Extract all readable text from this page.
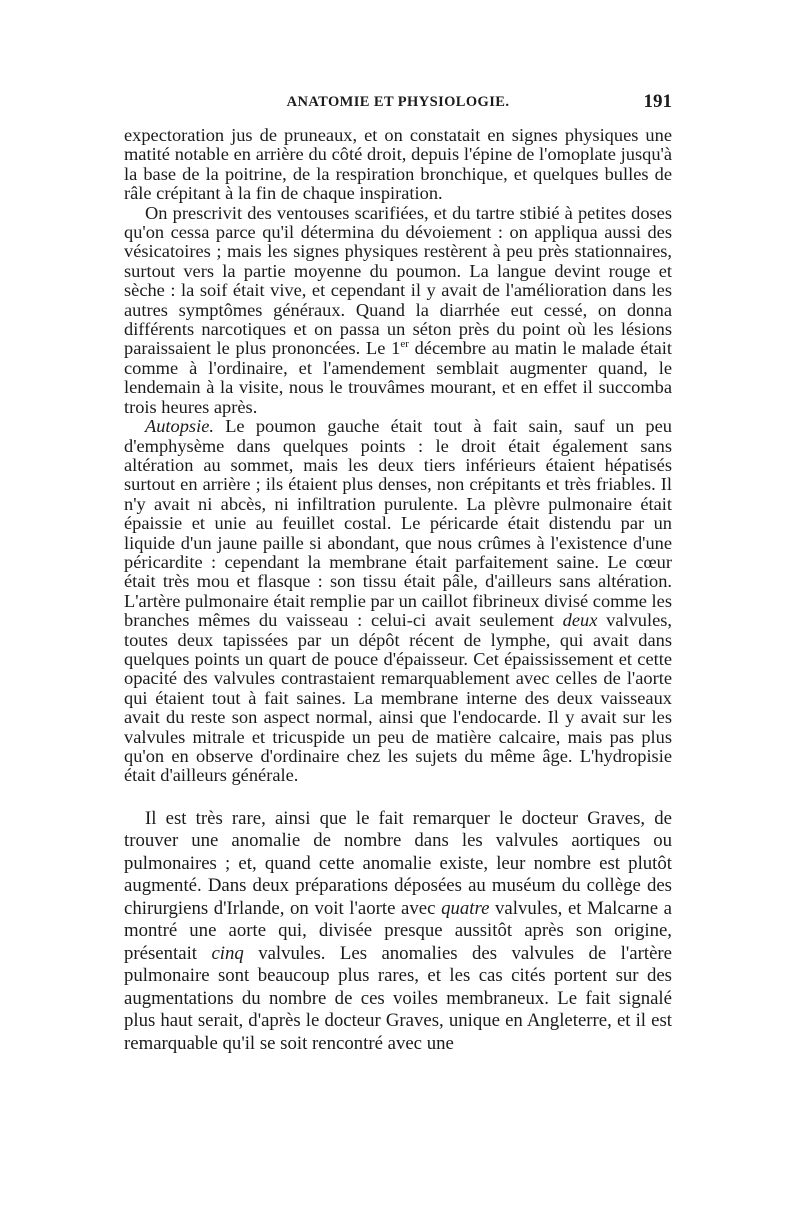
ANATOMIE ET PHYSIOLOGIE.	191

expectoration jus de pruneaux, et on constatait en signes physiques une matité notable en arrière du côté droit, depuis l'épine de l'omoplate jusqu'à la base de la poitrine, de la respiration bronchique, et quelques bulles de râle crépitant à la fin de chaque inspiration.

On prescrivit des ventouses scarifiées, et du tartre stibié à petites doses qu'on cessa parce qu'il détermina du dévoiement : on appliqua aussi des vésicatoires ; mais les signes physiques restèrent à peu près stationnaires, surtout vers la partie moyenne du poumon. La langue devint rouge et sèche : la soif était vive, et cependant il y avait de l'amélioration dans les autres symptômes généraux. Quand la diarrhée eut cessé, on donna différents narcotiques et on passa un séton près du point où les lésions paraissaient le plus prononcées. Le 1er décembre au matin le malade était comme à l'ordinaire, et l'amendement semblait augmenter quand, le lendemain à la visite, nous le trouvâmes mourant, et en effet il succomba trois heures après.

Autopsie. Le poumon gauche était tout à fait sain, sauf un peu d'emphysème dans quelques points : le droit était également sans altération au sommet, mais les deux tiers inférieurs étaient hépatisés surtout en arrière ; ils étaient plus denses, non crépitants et très friables. Il n'y avait ni abcès, ni infiltration purulente. La plèvre pulmonaire était épaissie et unie au feuillet costal. Le péricarde était distendu par un liquide d'un jaune paille si abondant, que nous crûmes à l'existence d'une péricardite : cependant la membrane était parfaitement saine. Le cœur était très mou et flasque : son tissu était pâle, d'ailleurs sans altération. L'artère pulmonaire était remplie par un caillot fibrineux divisé comme les branches mêmes du vaisseau : celui-ci avait seulement deux valvules, toutes deux tapissées par un dépôt récent de lymphe, qui avait dans quelques points un quart de pouce d'épaisseur. Cet épaississement et cette opacité des valvules contrastaient remarquablement avec celles de l'aorte qui étaient tout à fait saines. La membrane interne des deux vaisseaux avait du reste son aspect normal, ainsi que l'endocarde. Il y avait sur les valvules mitrale et tricuspide un peu de matière calcaire, mais pas plus qu'on en observe d'ordinaire chez les sujets du même âge. L'hydropisie était d'ailleurs générale.

Il est très rare, ainsi que le fait remarquer le docteur Graves, de trouver une anomalie de nombre dans les valvules aortiques ou pulmonaires ; et, quand cette anomalie existe, leur nombre est plutôt augmenté. Dans deux préparations déposées au muséum du collège des chirurgiens d'Irlande, on voit l'aorte avec quatre valvules, et Malcarne a montré une aorte qui, divisée presque aussitôt après son origine, présentait cinq valvules. Les anomalies des valvules de l'artère pulmonaire sont beaucoup plus rares, et les cas cités portent sur des augmentations du nombre de ces voiles membraneux. Le fait signalé plus haut serait, d'après le docteur Graves, unique en Angleterre, et il est remarquable qu'il se soit rencontré avec une
